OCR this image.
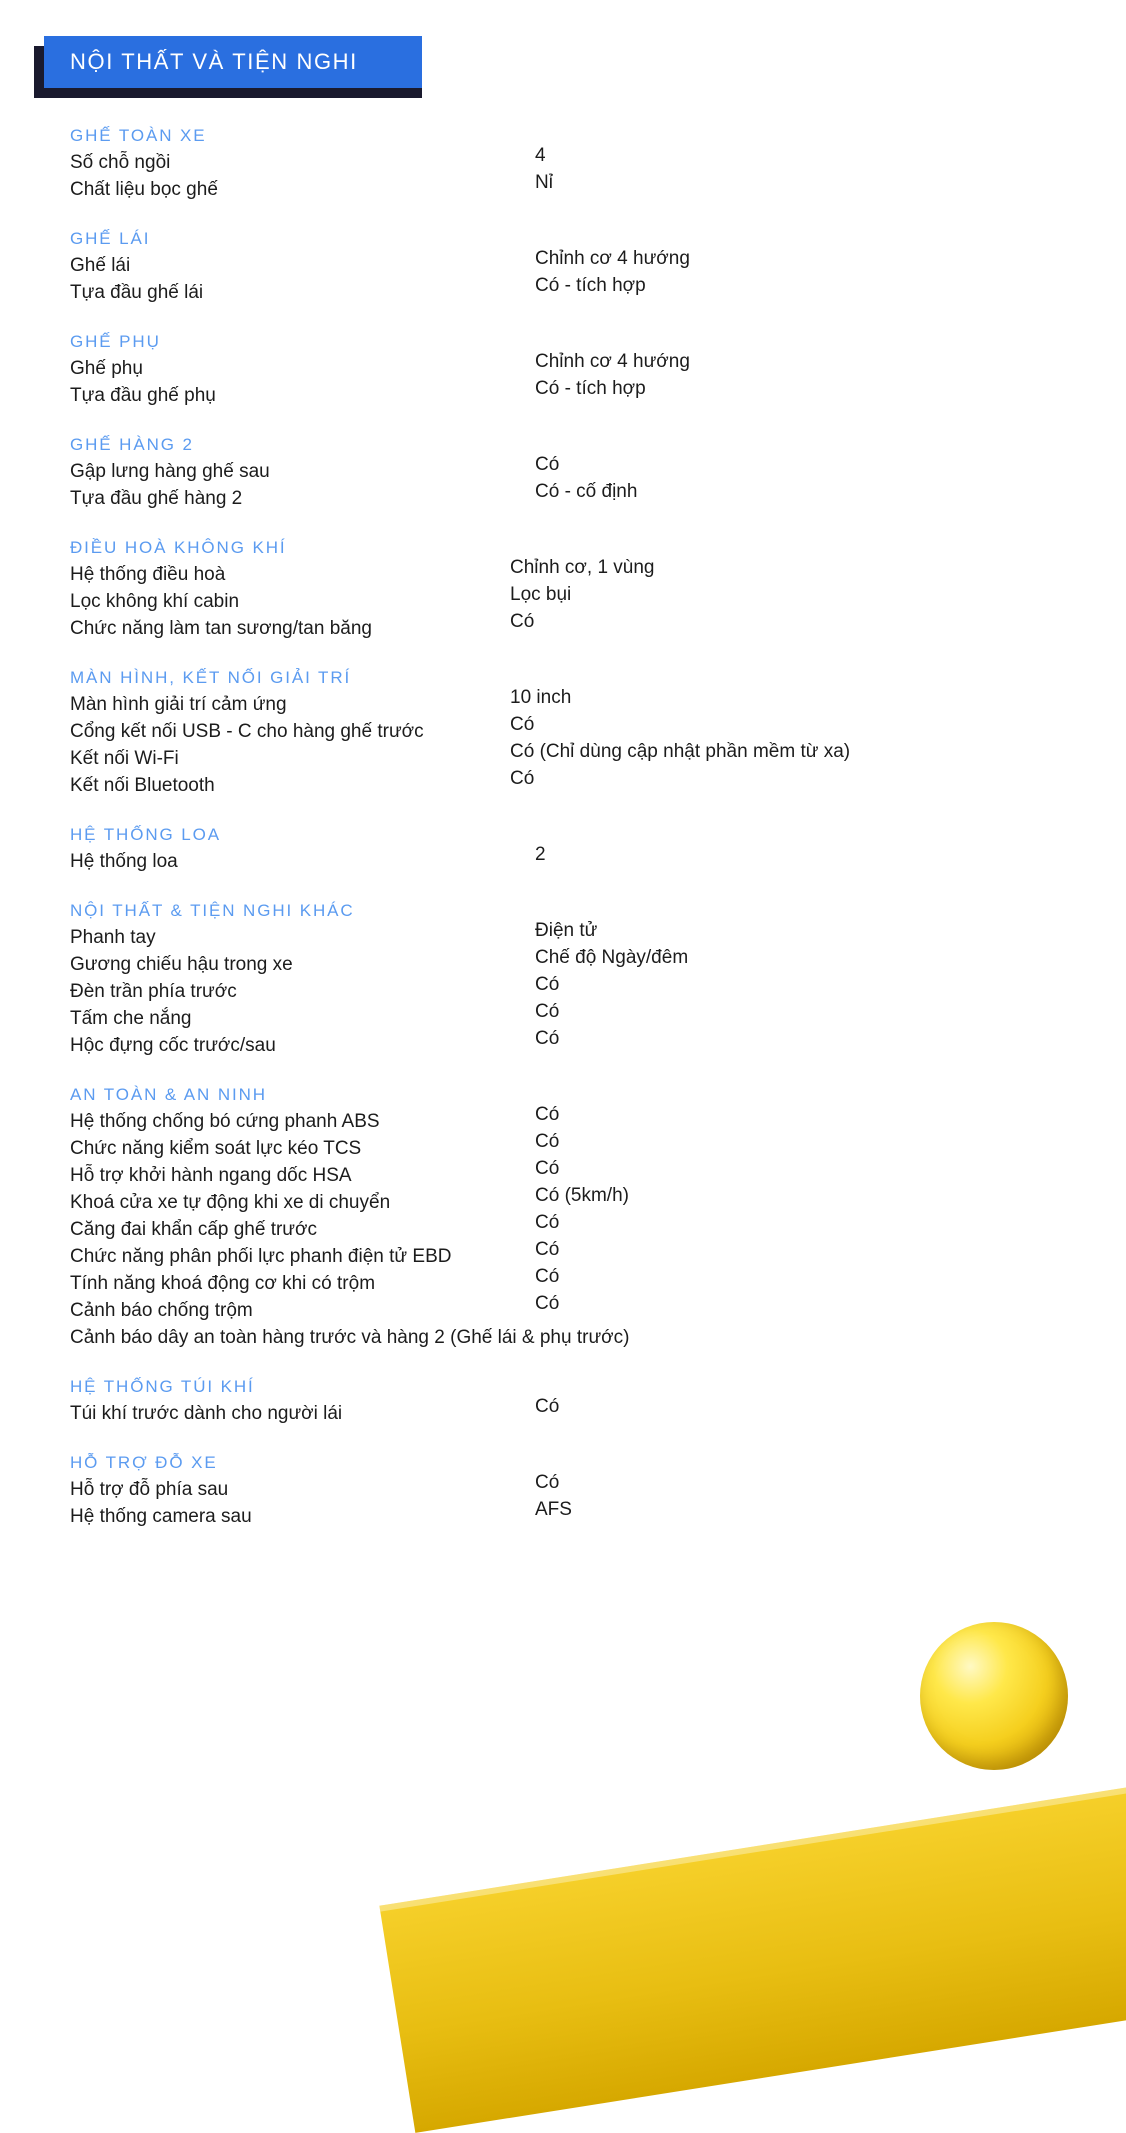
NỘI THẤT VÀ TIỆN NGHI
GHẾ TOÀN XE
Số chỗ ngồi	4
Chất liệu bọc ghế	Nỉ
GHẾ LÁI
Ghế lái	Chỉnh cơ 4 hướng
Tựa đầu ghế lái	Có - tích hợp
GHẾ PHỤ
Ghế phụ	Chỉnh cơ 4 hướng
Tựa đầu ghế phụ	Có - tích hợp
GHẾ HÀNG 2
Gập lưng hàng ghế sau	Có
Tựa đầu ghế hàng 2	Có - cố định
ĐIỀU HOÀ KHÔNG KHÍ
Hệ thống điều hoà	Chỉnh cơ, 1 vùng
Lọc không khí cabin	Lọc bụi
Chức năng làm tan sương/tan băng	Có
MÀN HÌNH, KẾT NỐI GIẢI TRÍ
Màn hình giải trí cảm ứng	10 inch
Cổng kết nối USB - C cho hàng ghế trước	Có
Kết nối Wi-Fi	Có (Chỉ dùng cập nhật phần mềm từ xa)
Kết nối Bluetooth	Có
HỆ THỐNG LOA
Hệ thống loa	2
NỘI THẤT & TIỆN NGHI KHÁC
Phanh tay	Điện tử
Gương chiếu hậu trong xe	Chế độ Ngày/đêm
Đèn trần phía trước	Có
Tấm che nắng	Có
Hộc đựng cốc trước/sau	Có
AN TOÀN & AN NINH
Hệ thống chống bó cứng phanh ABS	Có
Chức năng kiểm soát lực kéo TCS	Có
Hỗ trợ khởi hành ngang dốc HSA	Có
Khoá cửa xe tự động khi xe di chuyển	Có (5km/h)
Căng đai khẩn cấp ghế trước	Có
Chức năng phân phối lực phanh điện tử EBD	Có
Tính năng khoá động cơ khi có trộm	Có
Cảnh báo chống trộm	Có
Cảnh báo dây an toàn hàng trước và hàng 2 (Ghế lái & phụ trước)
HỆ THỐNG TÚI KHÍ
Túi khí trước dành cho người lái	Có
HỖ TRỢ ĐỖ XE
Hỗ trợ đỗ phía sau	Có
Hệ thống camera sau	AFS
